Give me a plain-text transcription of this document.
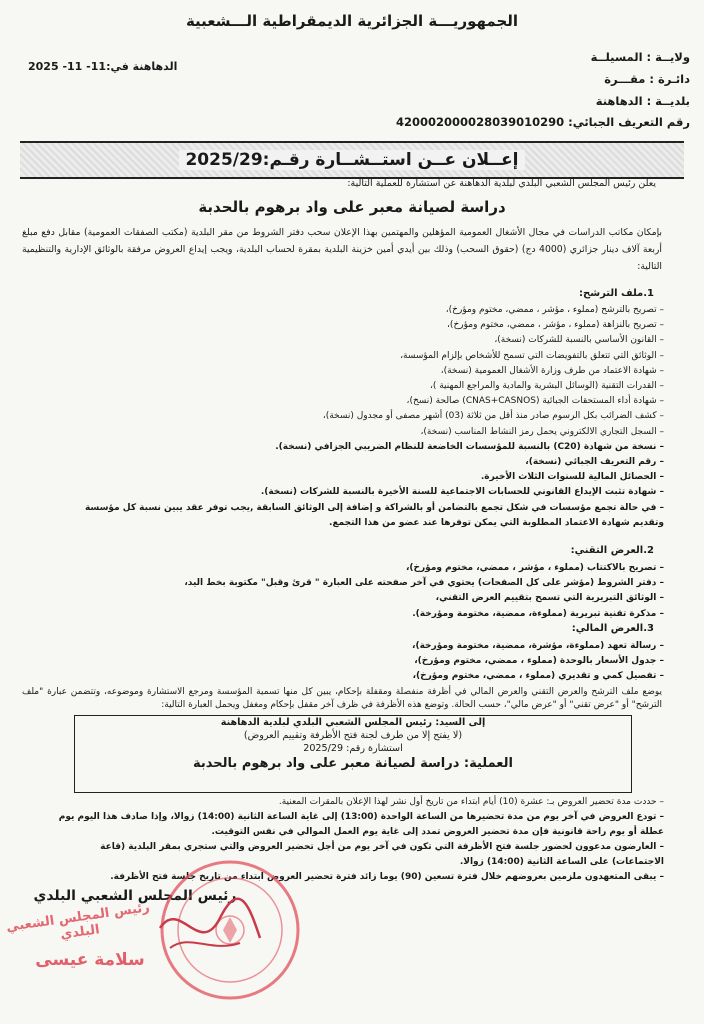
الجمهوريـــة الجزائرية الديمقراطية الـــشعبية
ولايــة : المسيلــة
دائـرة : مقـــرة
بلديــة : الدهاهنة
رقم التعريف الجبائي: 420002000028039010290
الدهاهنة في:11- 11- 2025
إعــلان عــن استــشــارة رقـم:2025/29
يعلن رئيس المجلس الشعبي البلدي لبلدية الدهاهنة عن استشارة للعملية التالية:
دراسة لصيانة معبر على واد برهوم بالحدبة
بإمكان مكاتب الدراسات في مجال الأشغال العمومية المؤهلين والمهتمين بهذا الإعلان سحب دفتر الشروط من مقر البلدية (مكتب الصفقات العمومية) مقابل دفع مبلغ أربعة آلاف دينار جزائري (4000 دج) (حقوق السحب) وذلك بين أيدي أمين خزينة البلدية بمقرة لحساب البلدية، ويجب إيداع العروض مرفقة بالوثائق الإدارية والتنظيمية التالية:
1.ملف الترشح:
– تصريح بالترشح (مملوء ، مؤشر ، ممضي، مختوم ومؤرخ)،
– تصريح بالنزاهة (مملوء ، مؤشر ، ممضي، مختوم ومؤرخ)،
– القانون الأساسي بالنسبة للشركات (نسخة)،
– الوثائق التي تتعلق بالتفويضات التي تسمح للأشخاص بإلزام المؤسسة،
– شهادة الاعتماد من طرف وزارة الأشغال العمومية (نسخة)،
– القدرات التقنية (الوسائل البشرية والمادية والمراجع المهنية )،
– شهادة أداء المستحقات الجبائية (CNAS+CASNOS) صالحة (نسخ)،
– كشف الضرائب بكل الرسوم صادر منذ أقل من ثلاثة (03) أشهر مصفى أو مجدول (نسخة)،
– السجل التجاري الالكتروني يحمل رمز النشاط المناسب (نسخة)،
– نسخة من شهادة (C20) بالنسبة للمؤسسات الخاضعة للنظام الضريبي الجزافي (نسخة).
– رقم التعريف الجبائي (نسخة)،
– الحصائل المالية للسنوات الثلاث الأخيرة.
– شهادة تثبت الإيداع القانوني للحسابات الاجتماعية للسنة الأخيرة بالنسبة للشركات (نسخة).
– في حالة تجمع مؤسسات في شكل تجمع بالتضامن أو بالشراكة و إضافة إلى الوثائق السابقة ,يجب توفر عقد يبين نسبة كل مؤسسة وتقديم شهادة الاعتماد المطلوبة التي يمكن توفرها عند عضو من هذا التجمع.
2.العرض التقني:
– تصريح بالاكتتاب (مملوء ، مؤشر ، ممضي، مختوم ومؤرخ)،
– دفتر الشروط (مؤشر على كل الصفحات) يحتوي في آخر صفحته على العبارة " قرئ وقبل" مكتوبة بخط اليد،
– الوثائق التبريرية التي تسمح بتقييم العرض التقني،
– مذكرة تقنية تبريرية (مملوءة، ممضية، مختومة ومؤرخة).
3.العرض المالي:
– رسالة تعهد (مملوءة، مؤشرة، ممضية، مختومة ومؤرخة)،
– جدول الأسعار بالوحدة (مملوء ، ممضي، مختوم ومؤرخ)،
– تفصيل كمي و تقديري (مملوء ، ممضي، مختوم ومؤرخ)،
يوضع ملف الترشح والعرض التقني والعرض المالي في أظرفة منفصلة ومقفلة بإحكام، يبين كل منها تسمية المؤسسة ومرجع الاستشارة وموضوعه، وتتضمن عبارة "ملف الترشح" أو "عرض تقني" أو "عرض مالي"، حسب الحالة. وتوضع هذه الأظرفة في ظرف آخر مقفل بإحكام ومغفل ويحمل العبارة التالية:
إلى السيد: رئيس المجلس الشعبي البلدي لبلدية الدهاهنة
(لا يفتح إلا من طرف لجنة فتح الأظرفة وتقييم العروض)
استشارة رقم: 2025/29
العملية: دراسة لصيانة معبر على واد برهوم بالحدبة
– حددت مدة تحضير العروض بـ: عشرة (10) أيام ابتداء من تاريخ أول نشر لهذا الإعلان بالمقرات المعنية.
– تودع العروض في آخر يوم من مدة تحضيرها من الساعة الواحدة (13:00) إلى غاية الساعة الثانية (14:00) زوالا، وإذا صادف هذا اليوم يوم عطلة أو يوم راحة قانونية فإن مدة تحضير العروض تمدد إلى غاية يوم العمل الموالي في نفس التوقيت.
– العارضون مدعوون لحضور جلسة فتح الأظرفة التي تكون في آخر يوم من أجل تحضير العروض والتي ستجري بمقر البلدية (قاعة الاجتماعات) على الساعة الثانية (14:00) زوالا.
– يبقى المتعهدون ملزمين بعروضهم خلال فترة تسعين (90) يوما زائد فترة تحضير العروض ابتداء من تاريخ جلسة فتح الأظرفة.
رئيس المجلس الشعبي البلدي
رئيس المجلس الشعبي البلدي
سلامة عيسى
